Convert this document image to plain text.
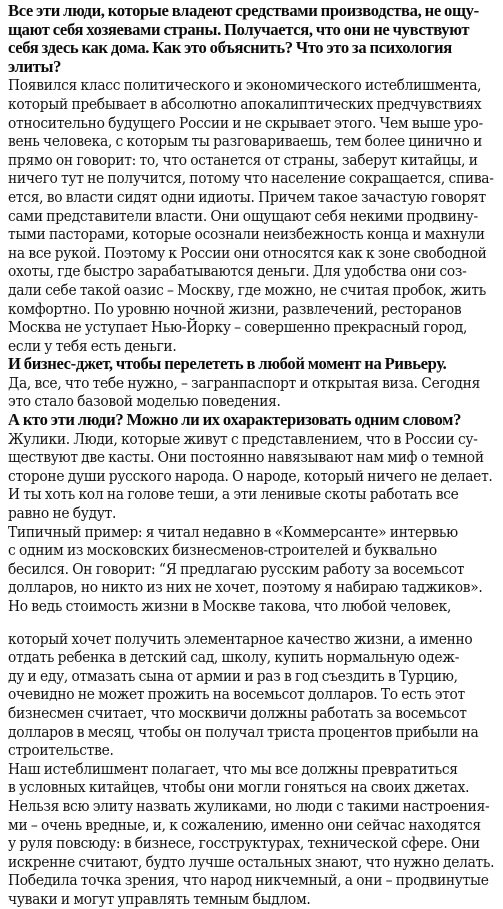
Все эти люди, которые владеют средствами производства, не ощу-
щают себя хозяевами страны. Получается, что они не чувствуют
себя здесь как дома. Как это объяснить? Что это за психология
элиты?
Появился класс политического и экономического истеблишмента,
который пребывает в абсолютно апокалиптических предчувствиях
относительно будущего России и не скрывает этого. Чем выше уро-
вень человека, с которым ты разговариваешь, тем более цинично и
прямо он говорит: то, что останется от страны, заберут китайцы, и
ничего тут не получится, потому что население сокращается, спива-
ется, во власти сидят одни идиоты. Причем такое зачастую говорят
сами представители власти. Они ощущают себя некими продвину-
тыми пасторами, которые осознали неизбежность конца и махнули
на все рукой. Поэтому к России они относятся как к зоне свободной
охоты, где быстро зарабатываются деньги. Для удобства они соз-
дали себе такой оазис – Москву, где можно, не считая пробок, жить
комфортно. По уровню ночной жизни, развлечений, ресторанов
Москва не уступает Нью-Йорку – совершенно прекрасный город,
если у тебя есть деньги.
И бизнес-джет, чтобы перелететь в любой момент на Ривьеру.
Да, все, что тебе нужно, – загранпаспорт и открытая виза. Сегодня
это стало базовой моделью поведения.
А кто эти люди? Можно ли их охарактеризовать одним словом?
Жулики. Люди, которые живут с представлением, что в России су-
ществуют две касты. Они постоянно навязывают нам миф о темной
стороне души русского народа. О народе, который ничего не делает.
И ты хоть кол на голове теши, а эти ленивые скоты работать все
равно не будут.
Типичный пример: я читал недавно в «Коммерсанте» интервью
с одним из московских бизнесменов-строителей и буквально
бесился. Он говорит: “Я предлагаю русским работу за восемьсот
долларов, но никто из них не хочет, поэтому я набираю таджиков».
Но ведь стоимость жизни в Москве такова, что любой человек,
который хочет получить элементарное качество жизни, а именно
отдать ребенка в детский сад, школу, купить нормальную одеж-
ду и еду, отмазать сына от армии и раз в год съездить в Турцию,
очевидно не может прожить на восемьсот долларов. То есть этот
бизнесмен считает, что москвичи должны работать за восемьсот
долларов в месяц, чтобы он получал триста процентов прибыли на
строительстве.
Наш истеблишмент полагает, что мы все должны превратиться
в условных китайцев, чтобы они могли гоняться на своих джетах.
Нельзя всю элиту назвать жуликами, но люди с такими настроения-
ми – очень вредные, и, к сожалению, именно они сейчас находятся
у руля повсюду: в бизнесе, госструктурах, технической сфере. Они
искренне считают, будто лучше остальных знают, что нужно делать.
Победила точка зрения, что народ никчемный, а они – продвинутые
чуваки и могут управлять темным быдлом.
